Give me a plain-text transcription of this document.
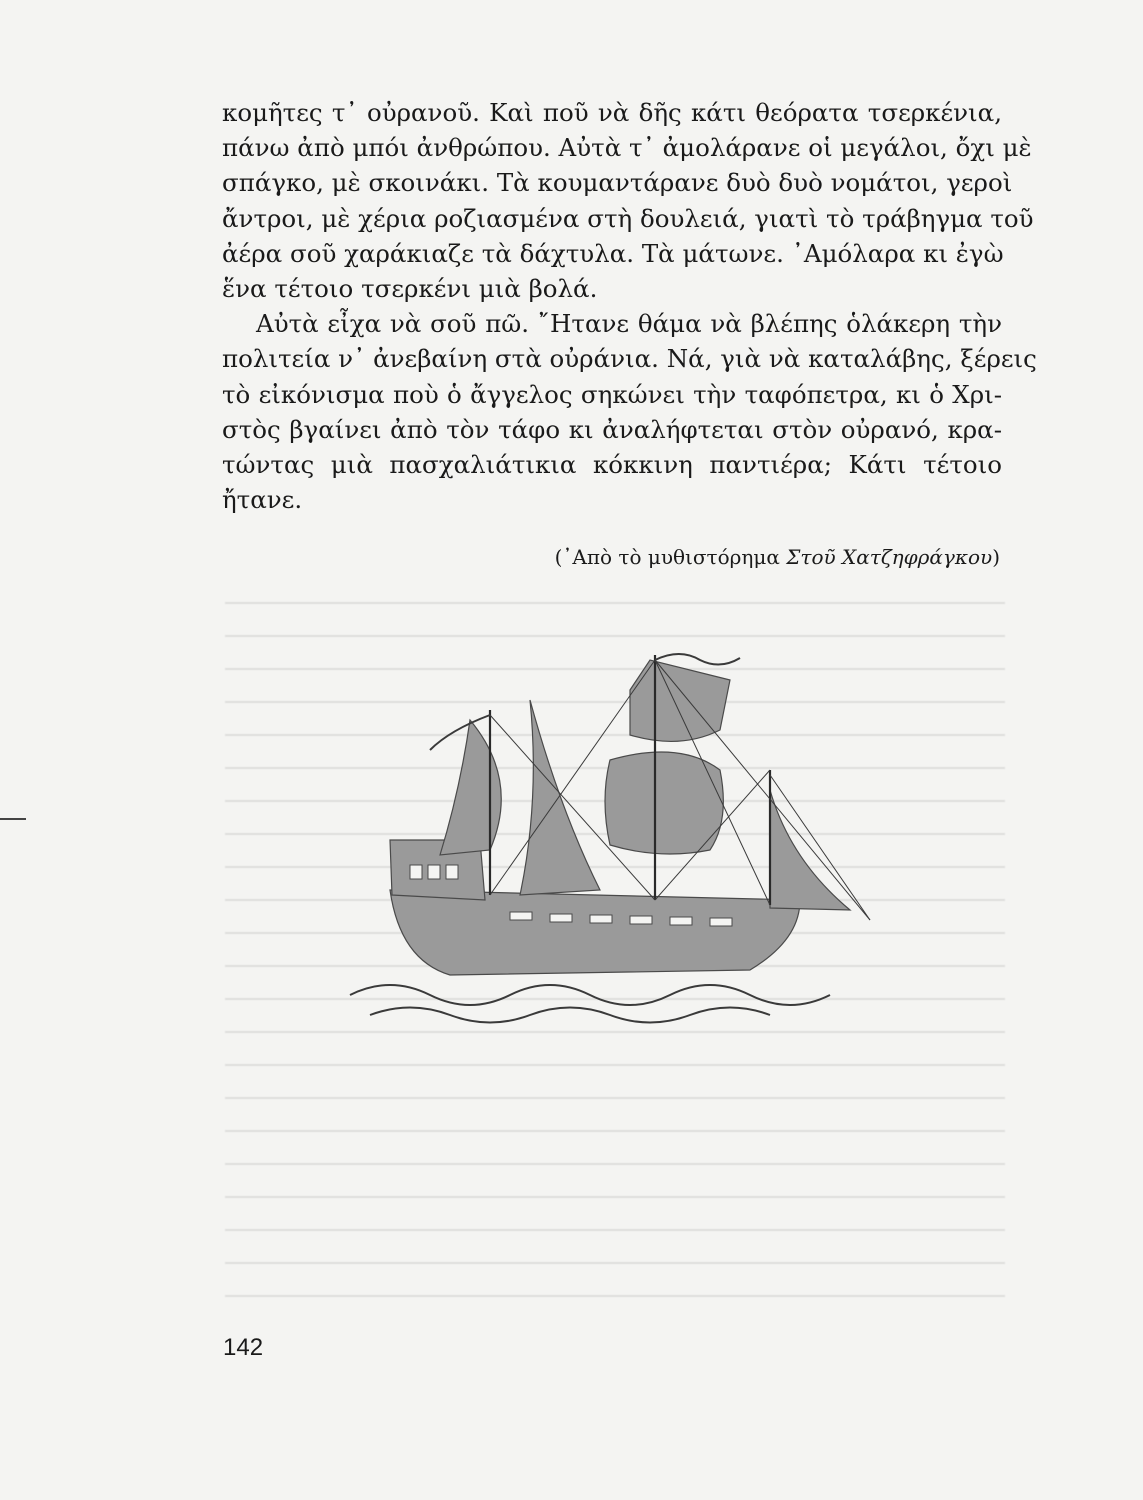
κομῆτες τ᾽ οὐρανοῦ. Καὶ ποῦ νὰ δῆς κάτι θεόρατα τσερκένια,
πάνω ἀπὸ μπόι ἀνθρώπου. Αὐτὰ τ᾽ ἀμολάρανε οἱ μεγάλοι, ὄχι μὲ
σπάγκο, μὲ σκοινάκι. Τὰ κουμαντάρανε δυὸ δυὸ νομάτοι, γεροὶ
ἄντροι, μὲ χέρια ροζιασμένα στὴ δουλειά, γιατὶ τὸ τράβηγμα τοῦ
ἀέρα σοῦ χαράκιαζε τὰ δάχτυλα. Τὰ μάτωνε. ᾽Αμόλαρα κι ἐγὼ
ἕνα τέτοιο τσερκένι μιὰ βολά.
Αὐτὰ εἶχα νὰ σοῦ πῶ. ῎Ητανε θάμα νὰ βλέπης ὁλάκερη τὴν
πολιτεία ν᾽ ἀνεβαίνη στὰ οὐράνια. Νά, γιὰ νὰ καταλάβης, ξέρεις
τὸ εἰκόνισμα ποὺ ὁ ἄγγελος σηκώνει τὴν ταφόπετρα, κι ὁ Χρι-
στὸς βγαίνει ἀπὸ τὸν τάφο κι ἀναλήφτεται στὸν οὐρανό, κρα-
τώντας μιὰ πασχαλιάτικια κόκκινη παντιέρα; Κάτι τέτοιο
ἤτανε.
(᾽Απὸ τὸ μυθιστόρημα Στοῦ Χατζηφράγκου)
142
